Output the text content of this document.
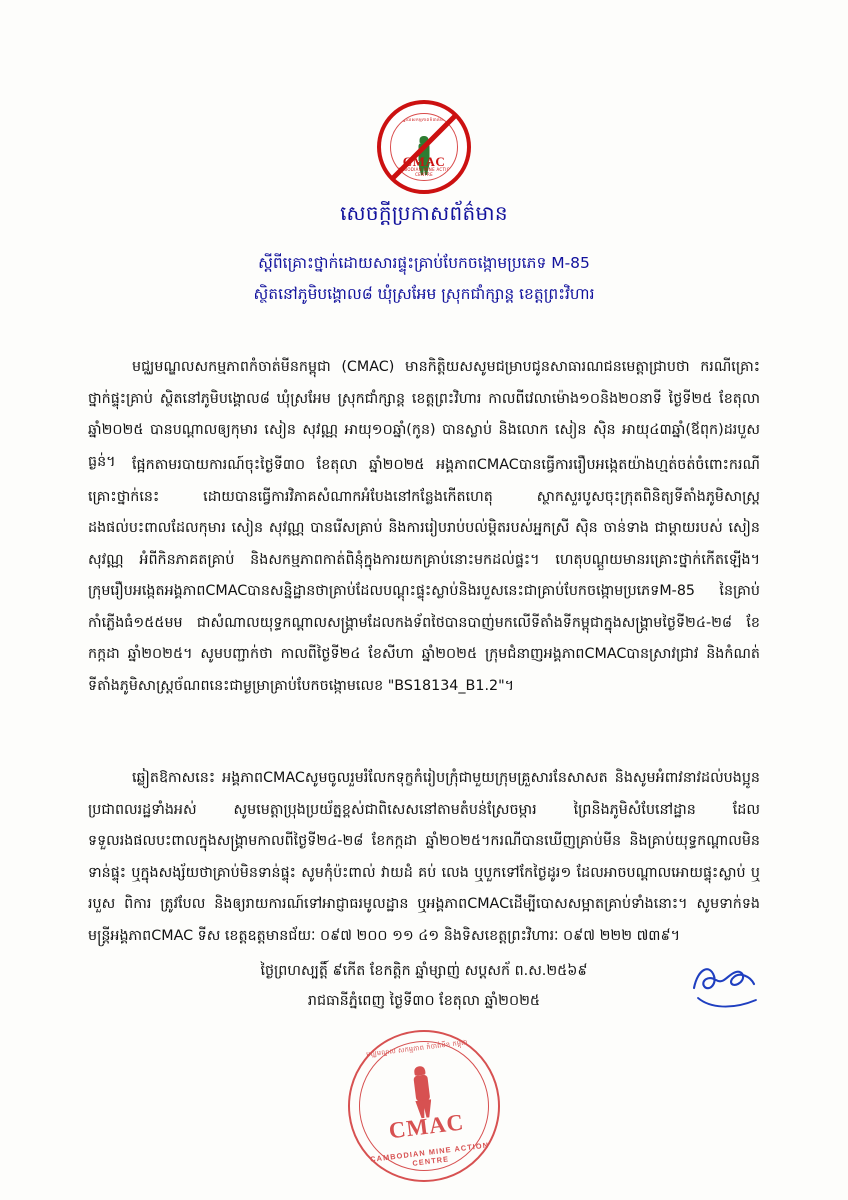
មជ្ឈមណ្ឌលសកម្មភាពកំចាត់មីនកម្ពុជា
CMAC
CAMBODIAN MINE ACTION CENTRE
សេចក្ដីប្រកាសព័ត៌មាន
ស្ដីពីគ្រោះថ្នាក់ដោយសារផ្ទុះគ្រាប់បែកចង្កោមប្រភេទ M-85
ស្ថិតនៅភូមិបង្គោល៨ ឃុំស្រអែម ស្រុកជាំក្សាន្ដ ខេត្ដព្រះវិហារ

មជ្ឈមណ្ឌលសកម្មភាពកំចាត់មីនកម្ពុជា (CMAC) មានកិត្តិយសសូមជម្រាបជូនសាធារណជនមេត្តាជ្រាបថា ករណីគ្រោះថ្នាក់ផ្ទុះគ្រាប់ ស្ថិតនៅភូមិបង្គោល៨ ឃុំស្រអែម ស្រុកជាំក្សាន្ដ ខេត្ដព្រះវិហារ កាលពីវេលាម៉ោង១០និង២០នាទី ថ្ងៃទី២៥ ខែតុលា ឆ្នាំ២០២៥ បានបណ្ដាលឲ្យកុមារ សៀន សុវណ្ណ អាយុ១០ឆ្នាំ(កូន) បានស្លាប់ និងលោក សៀន សុិន អាយុ៤៣ឆ្នាំ(ឪពុក)ដរបួសធ្ងន់។	ផ្អែកតាមរបាយការណ៍ចុះថ្ងៃទី៣០ ខែតុលា ឆ្នាំ២០២៥ អង្គភាពCMACបានធ្វើការរឿបអង្កេតយ៉ាងហ្មត់ចត់ចំពោះករណីគ្រោះថ្នាក់នេះ ដោយបានធ្វើការវិភាគសំណាកអំបែងនៅកន្លែងកើតហេតុ ស្ថាកសួរបូសចុះក្រុតពិនិត្យទីតាំងភូមិសាស្ត្រដងផល់បះពាលដែលកុមារ សៀន សុវណ្ណ បានរើសគ្រាប់ និងការរៀបរាប់បល់ម្ដិតរបស់អ្នកស្រី សុិន ចាន់ទាង ជាម្ដាយរបស់ សៀន សុវណ្ណ អំពីកិនភាគតគ្រាប់ និងសកម្មភាពកាត់ពិនុំក្នុងការយកគ្រាប់នោះមកដល់ផ្ទះ។ ហេតុបណ្ដួយមានរគ្រោះថ្នាក់កើតឡើង។ ក្រុមរឿបអង្កេតអង្គភាពCMACបានសន្និដ្ឋានថាគ្រាប់ដែលបណ្ដុះផ្ទុះស្លាប់និងរបួសនេះជាគ្រាប់បែកចង្កោមប្រភេទM-85 នៃគ្រាប់កាំភ្លើងធំ១៥៥មម ជាសំណាលយុទ្ធកណ្ដាលសង្គ្រាមដែលកងទ័ពថៃបានបាញ់មកលើទីតាំងទីកម្ពុជាក្នុងសង្គ្រាមថ្ងៃទី២៤-២៨ ខែកក្កដា ឆ្នាំ២០២៥។ សូមបញ្ជាក់ថា កាលពីថ្ងៃទី២៤ ខែសីហា ឆ្នាំ២០២៥ ក្រុមជំនាញអង្គភាពCMACបានស្រាវជ្រាវ និងកំណត់ទីតាំងភូមិសាស្ត្រច័ណពនេះជាម្ងម្រាគ្រាប់បែកចង្កោមលេខ "BS18134_B1.2"។

ឆ្លៀតឱកាសនេះ អង្គភាពCMACសូមចូលរួមរំលែកទុក្ខកំរៀបក្រុំជាមួយក្រុមគ្រួសារនែសាសត និងសូមអំពាវនាវដល់បងប្អូនប្រជាពលរដ្ឋទាំងអស់ សូមមេត្តាប្រុងប្រយ័ត្នខ្ពស់ជាពិសេសនៅតាមតំបន់ស្រែចម្ការ ព្រៃនិងភូមិសំបែនៅដ្ឋាន ដែលទទួលរងផលបះពាលក្នុងសង្គ្រាមកាលពីថ្ងៃទី២៤-២៨ ខែកក្កដា ឆ្នាំ២០២៥។ករណីបានឃើញគ្រាប់មីន និងគ្រាប់យុទ្ធកណ្ដាលមិនទាន់ផ្ទុះ ឬក្នុងសង្ស័យថាគ្រាប់មិនទាន់ផ្ទុះ សូមកុំប៉ះពាល់ វាយដំ គប់ លេង ឬបួកទៅកែថ្ងៃដូរ១ ដែលអាចបណ្ដាលអោយផ្ទុះស្លាប់ ឬរបួស ពិការ ត្រូវបែល និងឲ្យរាយការណ៍ទៅអាជ្ញាធរមូលដ្ឋាន ឬអង្គភាពCMACដើម្បីបោសសម្អាតគ្រាប់ទាំងនោះ។ សូមទាក់ទងមន្ត្រីអង្គភាពCMAC ទីស ខេត្ដឧត្ដមានជ័យៈ ០៩៧ ២០០ ១១ ៤១ និងទិសខេត្ដព្រះវិហារៈ ០៩៧ ២២២ ៧៣៩។

ថ្ងៃព្រហស្បត្ដិ៍ ៩កើត ខែកត្ដិក ឆ្នាំម្សាញ់ សប្ដសក័ ព.ស.២៥៦៩
រាជធានីភ្នំពេញ ថ្ងៃទី៣០ ខែតុលា ឆ្នាំ២០២៥
មជ្ឈមណ្ឌល សកម្មភាព កំចាត់មីន កម្ពុជា
CMAC
CAMBODIAN MINE ACTION CENTRE
